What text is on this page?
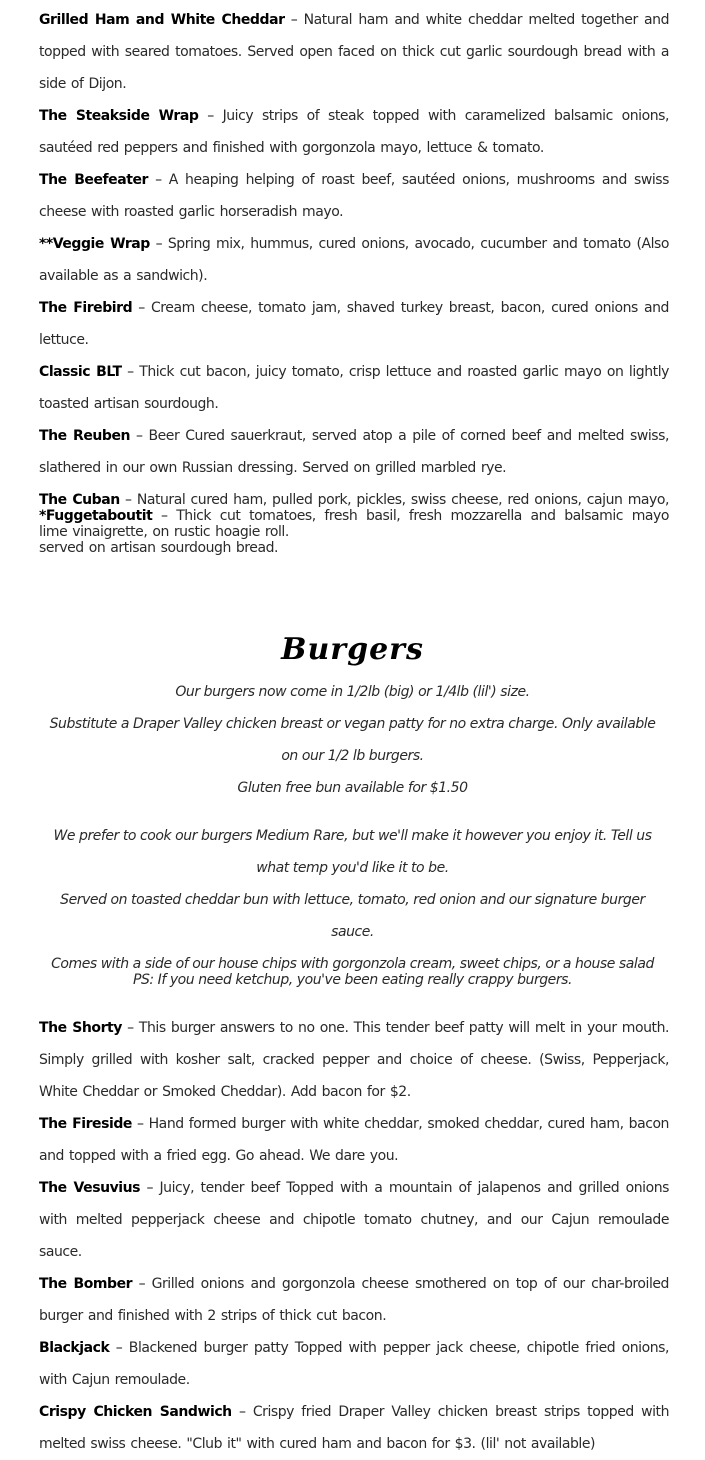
Grilled Ham and White Cheddar – Natural ham and white cheddar melted together and topped with seared tomatoes. Served open faced on thick cut garlic sourdough bread with a side of Dijon.

The Steakside Wrap – Juicy strips of steak topped with caramelized balsamic onions, sautéed red peppers and finished with gorgonzola mayo, lettuce & tomato.

The Beefeater – A heaping helping of roast beef, sautéed onions, mushrooms and swiss cheese with roasted garlic horseradish mayo.

**Veggie Wrap – Spring mix, hummus, cured onions, avocado, cucumber and tomato (Also available as a sandwich).

The Firebird – Cream cheese, tomato jam, shaved turkey breast, bacon, cured onions and lettuce.

Classic BLT – Thick cut bacon, juicy tomato, crisp lettuce and roasted garlic mayo on lightly toasted artisan sourdough.

The Reuben – Beer Cured sauerkraut, served atop a pile of corned beef and melted swiss, slathered in our own Russian dressing. Served on grilled marbled rye.

The Cuban – Natural cured ham, pulled pork, pickles, swiss cheese, red onions, cajun mayo, lime vinaigrette, on rustic hoagie roll.

*Fuggetaboutit – Thick cut tomatoes, fresh basil, fresh mozzarella and balsamic mayo served on artisan sourdough bread.

Burgers

Our burgers now come in 1/2lb (big) or 1/4lb (lil') size.

Substitute a Draper Valley chicken breast or vegan patty for no extra charge. Only available on our 1/2 lb burgers.

Gluten free bun available for $1.50

We prefer to cook our burgers Medium Rare, but we'll make it however you enjoy it. Tell us what temp you'd like it to be.

Served on toasted cheddar bun with lettuce, tomato, red onion and our signature burger sauce.

Comes with a side of our house chips with gorgonzola cream, sweet chips, or a house salad

PS: If you need ketchup, you've been eating really crappy burgers.

The Shorty – This burger answers to no one. This tender beef patty will melt in your mouth. Simply grilled with kosher salt, cracked pepper and choice of cheese. (Swiss, Pepperjack, White Cheddar or Smoked Cheddar). Add bacon for $2.

The Fireside – Hand formed burger with white cheddar, smoked cheddar, cured ham, bacon and topped with a fried egg. Go ahead. We dare you.

The Vesuvius – Juicy, tender beef Topped with a mountain of jalapenos and grilled onions with melted pepperjack cheese and chipotle tomato chutney, and our Cajun remoulade sauce.

The Bomber – Grilled onions and gorgonzola cheese smothered on top of our char-broiled burger and finished with 2 strips of thick cut bacon.

Blackjack – Blackened burger patty Topped with pepper jack cheese, chipotle fried onions, with Cajun remoulade.

Crispy Chicken Sandwich – Crispy fried Draper Valley chicken breast strips topped with melted swiss cheese. "Club it" with cured ham and bacon for $3. (lil' not available)
